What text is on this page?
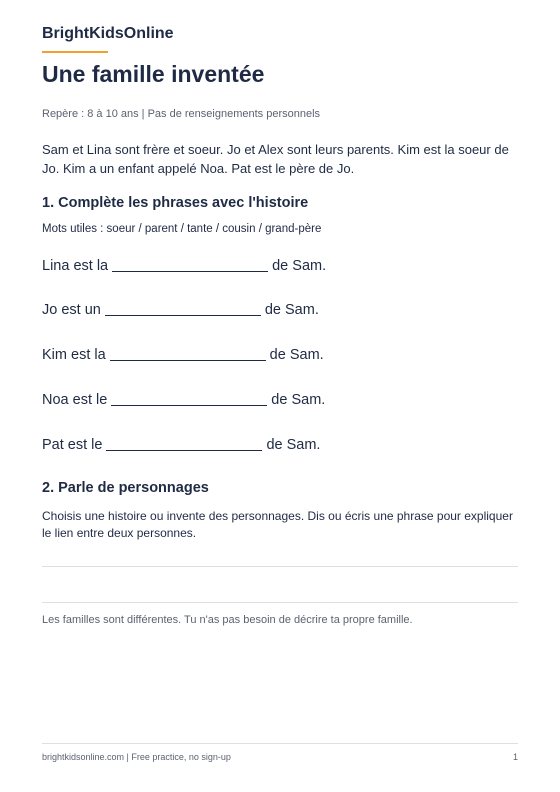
BrightKidsOnline
Une famille inventée
Repère : 8 à 10 ans | Pas de renseignements personnels

Sam et Lina sont frère et soeur. Jo et Alex sont leurs parents. Kim est la soeur de Jo. Kim a un enfant appelé Noa. Pat est le père de Jo.

1. Complète les phrases avec l'histoire
Mots utiles : soeur / parent / tante / cousin / grand-père
Lina est la	de Sam.
Jo est un	de Sam.
Kim est la	de Sam.
Noa est le	de Sam.
Pat est le	de Sam.
2. Parle de personnages

Choisis une histoire ou invente des personnages. Dis ou écris une phrase pour expliquer le lien entre deux personnes.

Les familles sont différentes. Tu n'as pas besoin de décrire ta propre famille.
brightkidsonline.com | Free practice, no sign-up	1
